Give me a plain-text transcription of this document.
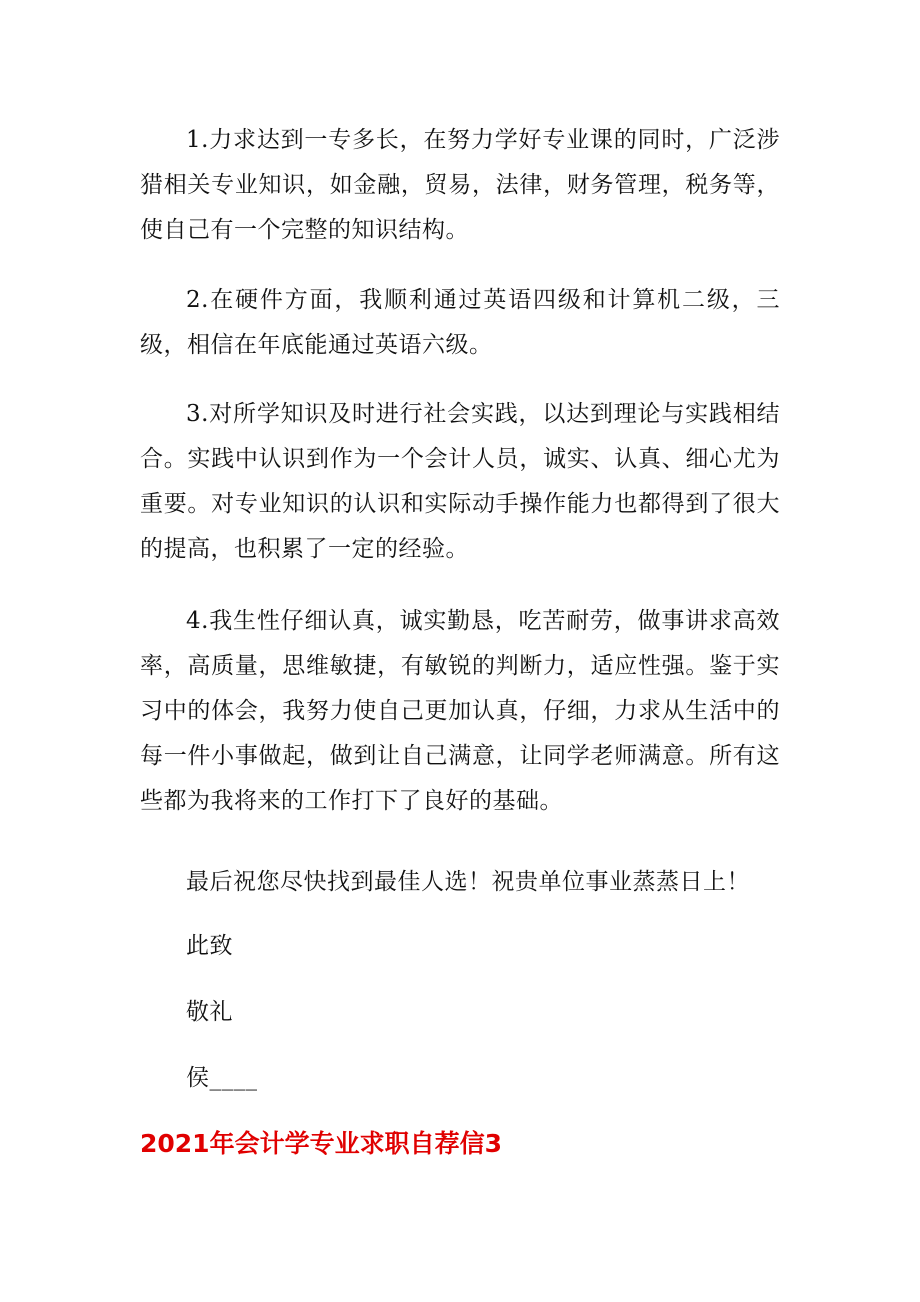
1.力求达到一专多长，在努力学好专业课的同时，广泛涉猎相关专业知识，如金融，贸易，法律，财务管理，税务等，使自己有一个完整的知识结构。

2.在硬件方面，我顺利通过英语四级和计算机二级，三级，相信在年底能通过英语六级。

3.对所学知识及时进行社会实践，以达到理论与实践相结合。实践中认识到作为一个会计人员，诚实、认真、细心尤为重要。对专业知识的认识和实际动手操作能力也都得到了很大的提高，也积累了一定的经验。

4.我生性仔细认真，诚实勤恳，吃苦耐劳，做事讲求高效率，高质量，思维敏捷，有敏锐的判断力，适应性强。鉴于实习中的体会，我努力使自己更加认真，仔细，力求从生活中的每一件小事做起，做到让自己满意，让同学老师满意。所有这些都为我将来的工作打下了良好的基础。

最后祝您尽快找到最佳人选！祝贵单位事业蒸蒸日上！

此致

敬礼

侯____

2021年会计学专业求职自荐信3
